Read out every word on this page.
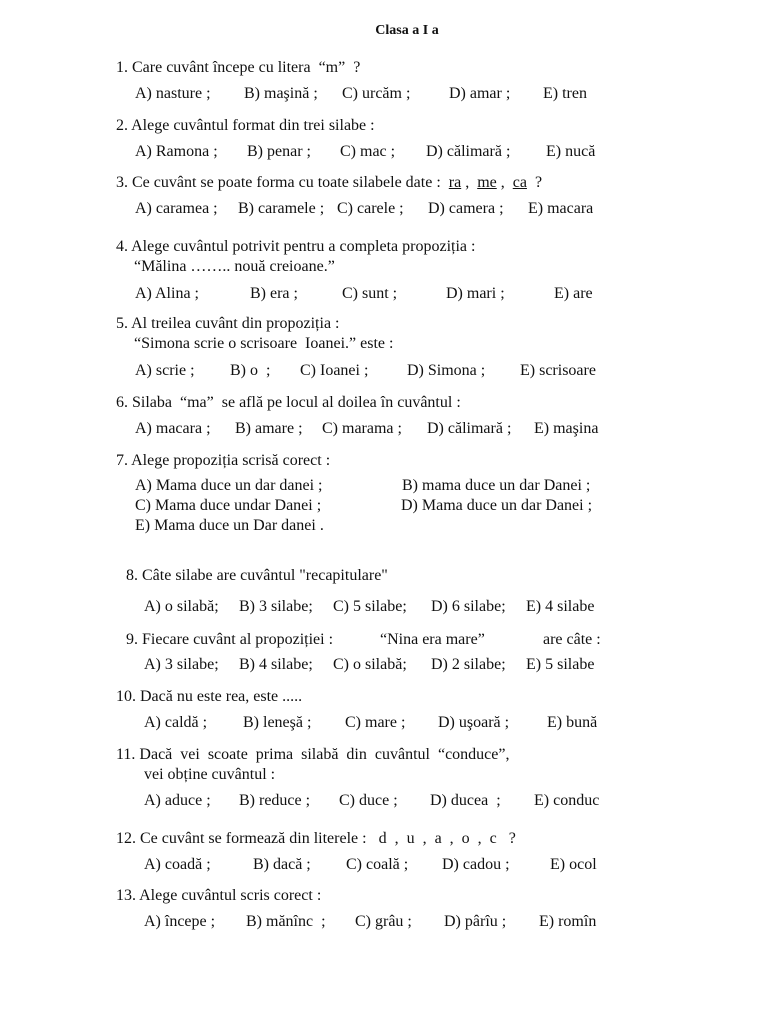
Clasa a I a
1. Care cuvânt începe cu litera  “m”  ?
A) nasture ; B) maşină ; C) urcăm ; D) amar ; E) tren
2. Alege cuvântul format din trei silabe :
A) Ramona ; B) penar ; C) mac ; D) călimară ; E) nucă
3. Ce cuvânt se poate forma cu toate silabele date : ra ,  me ,  ca ?
A) caramea ; B) caramele ; C) carele ; D) camera ; E) macara
4. Alege cuvântul potrivit pentru a completa propoziția :
“Mălina …….. nouă creioane.”
A) Alina ;	B) era ;	C) sunt ;	D) mari ;	E) are
5. Al treilea cuvânt din propoziția :
“Simona scrie o scrisoare  Ioanei.” este :
A) scrie ; B) o  ; C) Ioanei ; D) Simona ; E) scrisoare
6. Silaba  “ma”  se află pe locul al doilea în cuvântul :
A) macara ; B) amare ; C) marama ; D) călimară ; E) maşina
7. Alege propoziția scrisă corect :
A) Mama duce un dar danei ;	B) mama duce un dar Danei ;
C) Mama duce undar Danei ;	D) Mama duce un dar Danei ;
E) Mama duce un Dar danei .
8. Câte silabe are cuvântul "recapitulare"
A) o silabă; B) 3 silabe; C) 5 silabe; D) 6 silabe; E) 4 silabe
9. Fiecare cuvânt al propoziției :	“Nina era mare”	are câte :
A) 3 silabe; B) 4 silabe; C) o silabă; D) 2 silabe; E) 5 silabe
10. Dacă nu este rea, este .....
A) caldă ; B) leneşă ; C) mare ; D) uşoară ; E) bună
11. Dacă  vei  scoate  prima  silabă  din  cuvântul  “conduce”,
vei obține cuvântul :
A) aduce ; B) reduce ; C) duce ; D) ducea  ; E) conduc
12. Ce cuvânt se formează din literele :   d  ,  u  ,  a  ,  o  ,  c   ?
A) coadă ;	B) dacă ; C) coală ; D) cadou ;	E) ocol
13. Alege cuvântul scris corect :
A) începe ; B) mănînc  ; C) grâu ; D) pârîu ; E) romîn
